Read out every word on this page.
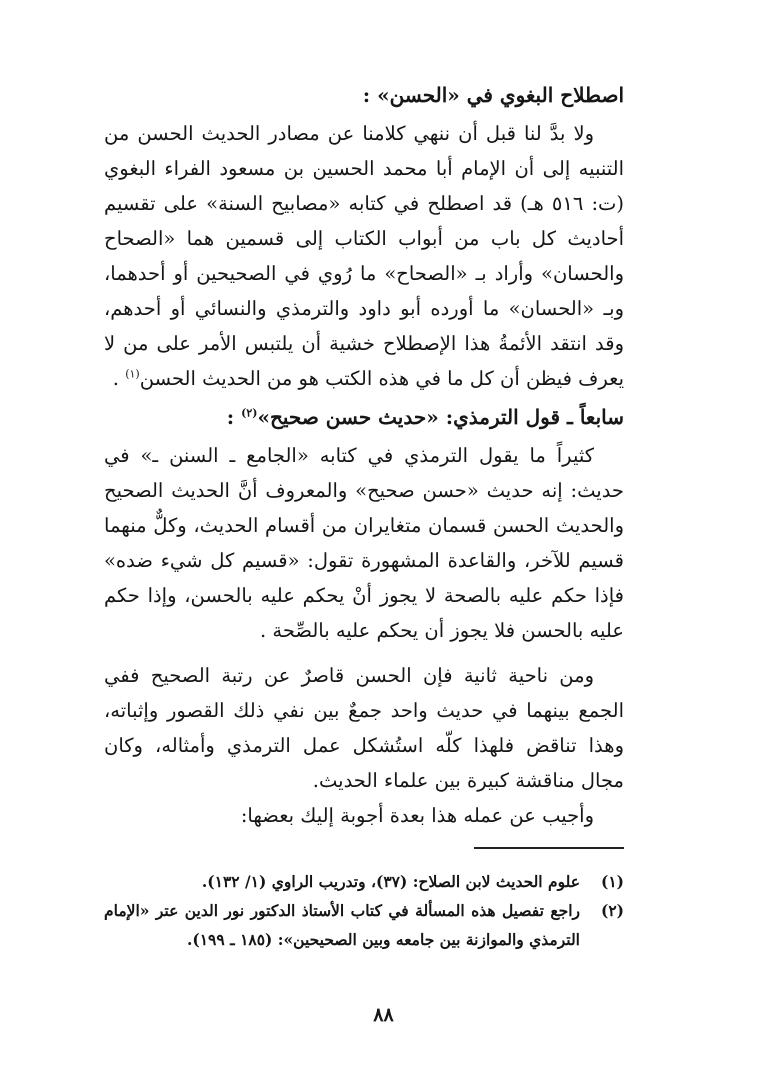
اصطلاح البغوي في «الحسن» :

ولا بدَّ لنا قبل أن ننهي كلامنا عن مصادر الحديث الحسن من التنبيه إلى أن الإمام أبا محمد الحسين بن مسعود الفراء البغوي (ت: ٥١٦ هـ) قد اصطلح في كتابه «مصابيح السنة» على تقسيم أحاديث كل باب من أبواب الكتاب إلى قسمين هما «الصحاح والحسان» وأراد بـ «الصحاح» ما رُوي في الصحيحين أو أحدهما، وبـ «الحسان» ما أورده أبو داود والترمذي والنسائي أو أحدهم، وقد انتقد الأئمةُ هذا الإصطلاح خشية أن يلتبس الأمر على من لا يعرف فيظن أن كل ما في هذه الكتب هو من الحديث الحسن$^{(١)}$ .

سابعاً ـ قول الترمذي: «حديث حسن صحيح»$^{(٢)}$ :

كثيراً ما يقول الترمذي في كتابه «الجامع ـ السنن ـ» في حديث: إنه حديث «حسن صحيح» والمعروف أنَّ الحديث الصحيح والحديث الحسن قسمان متغايران من أقسام الحديث، وكلٌّ منهما قسيم للآخر، والقاعدة المشهورة تقول: «قسيم كل شيء ضده» فإذا حكم عليه بالصحة لا يجوز أنْ يحكم عليه بالحسن، وإذا حكم عليه بالحسن فلا يجوز أن يحكم عليه بالصِّحة .

ومن ناحية ثانية فإن الحسن قاصرٌ عن رتبة الصحيح ففي الجمع بينهما في حديث واحد جمعٌ بين نفي ذلك القصور وإثباته، وهذا تناقض فلهذا كلّه استُشكل عمل الترمذي وأمثاله، وكان مجال مناقشة كبيرة بين علماء الحديث.

وأجيب عن عمله هذا بعدة أجوبة إليك بعضها:

(١)
علوم الحديث لابن الصلاح: (٣٧)، وتدريب الراوي (١/ ١٣٢).
(٢)
راجع تفصيل هذه المسألة في كتاب الأستاذ الدكتور نور الدين عتر «الإمام الترمذي والموازنة بين جامعه وبين الصحيحين»: (١٨٥ ـ ١٩٩).
٨٨
